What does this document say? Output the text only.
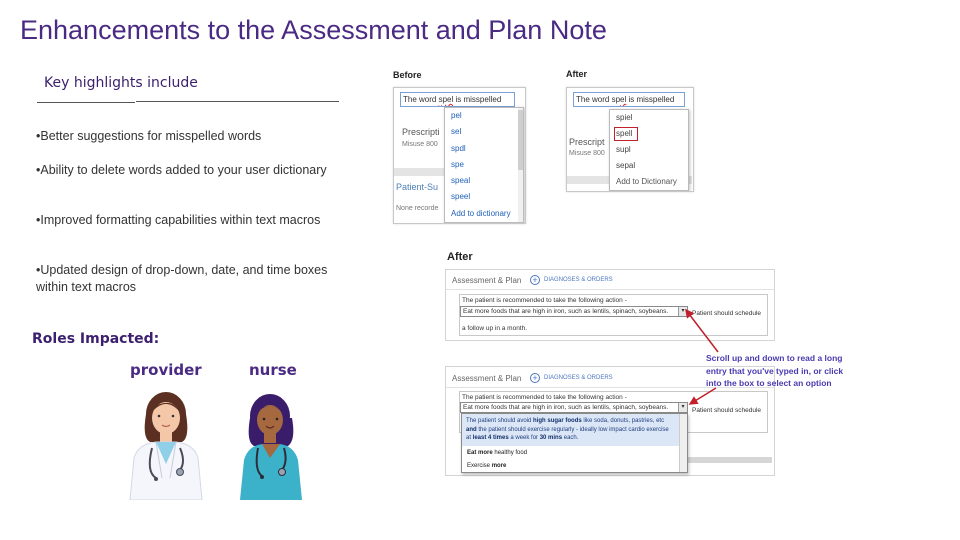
Enhancements to the Assessment and Plan Note
Key highlights include
•Better suggestions for misspelled words
•Ability to delete words added to your user dictionary
•Improved formatting capabilities within text macros
•Updated design of drop-down, date, and time boxes within text macros
Roles Impacted:
provider	nurse
Before
The word spel is misspelled
Prescripti
Misuse 800
Patient-Su
None recorde
pel
sel
spdl
spe
speal
speel
Add to dictionary
After
The word spel is misspelled
Prescript
Misuse 800
spiel
spell
supl
sepal
Add to Dictionary
After
Assessment & Plan +	DIAGNOSES & ORDERS
The patient is recommended to take the following action -
Eat more foods that are high in iron, such as lentils, spinach, soybeans.	▾	Patient should schedule
a follow up in a month.
Assessment & Plan +	DIAGNOSES & ORDERS
The patient is recommended to take the following action -
Eat more foods that are high in iron, such as lentils, spinach, soybeans.	▾	Patient should schedule
The patient should avoid high sugar foods like soda, donuts, pastries, etc and the patient should exercise regularly - ideally low impact cardio exercise at least 4 times a week for 30 mins each.
Eat more healthy food
Exercise more
Scroll up and down to read a long entry that you've typed in, or click into the box to select an option
